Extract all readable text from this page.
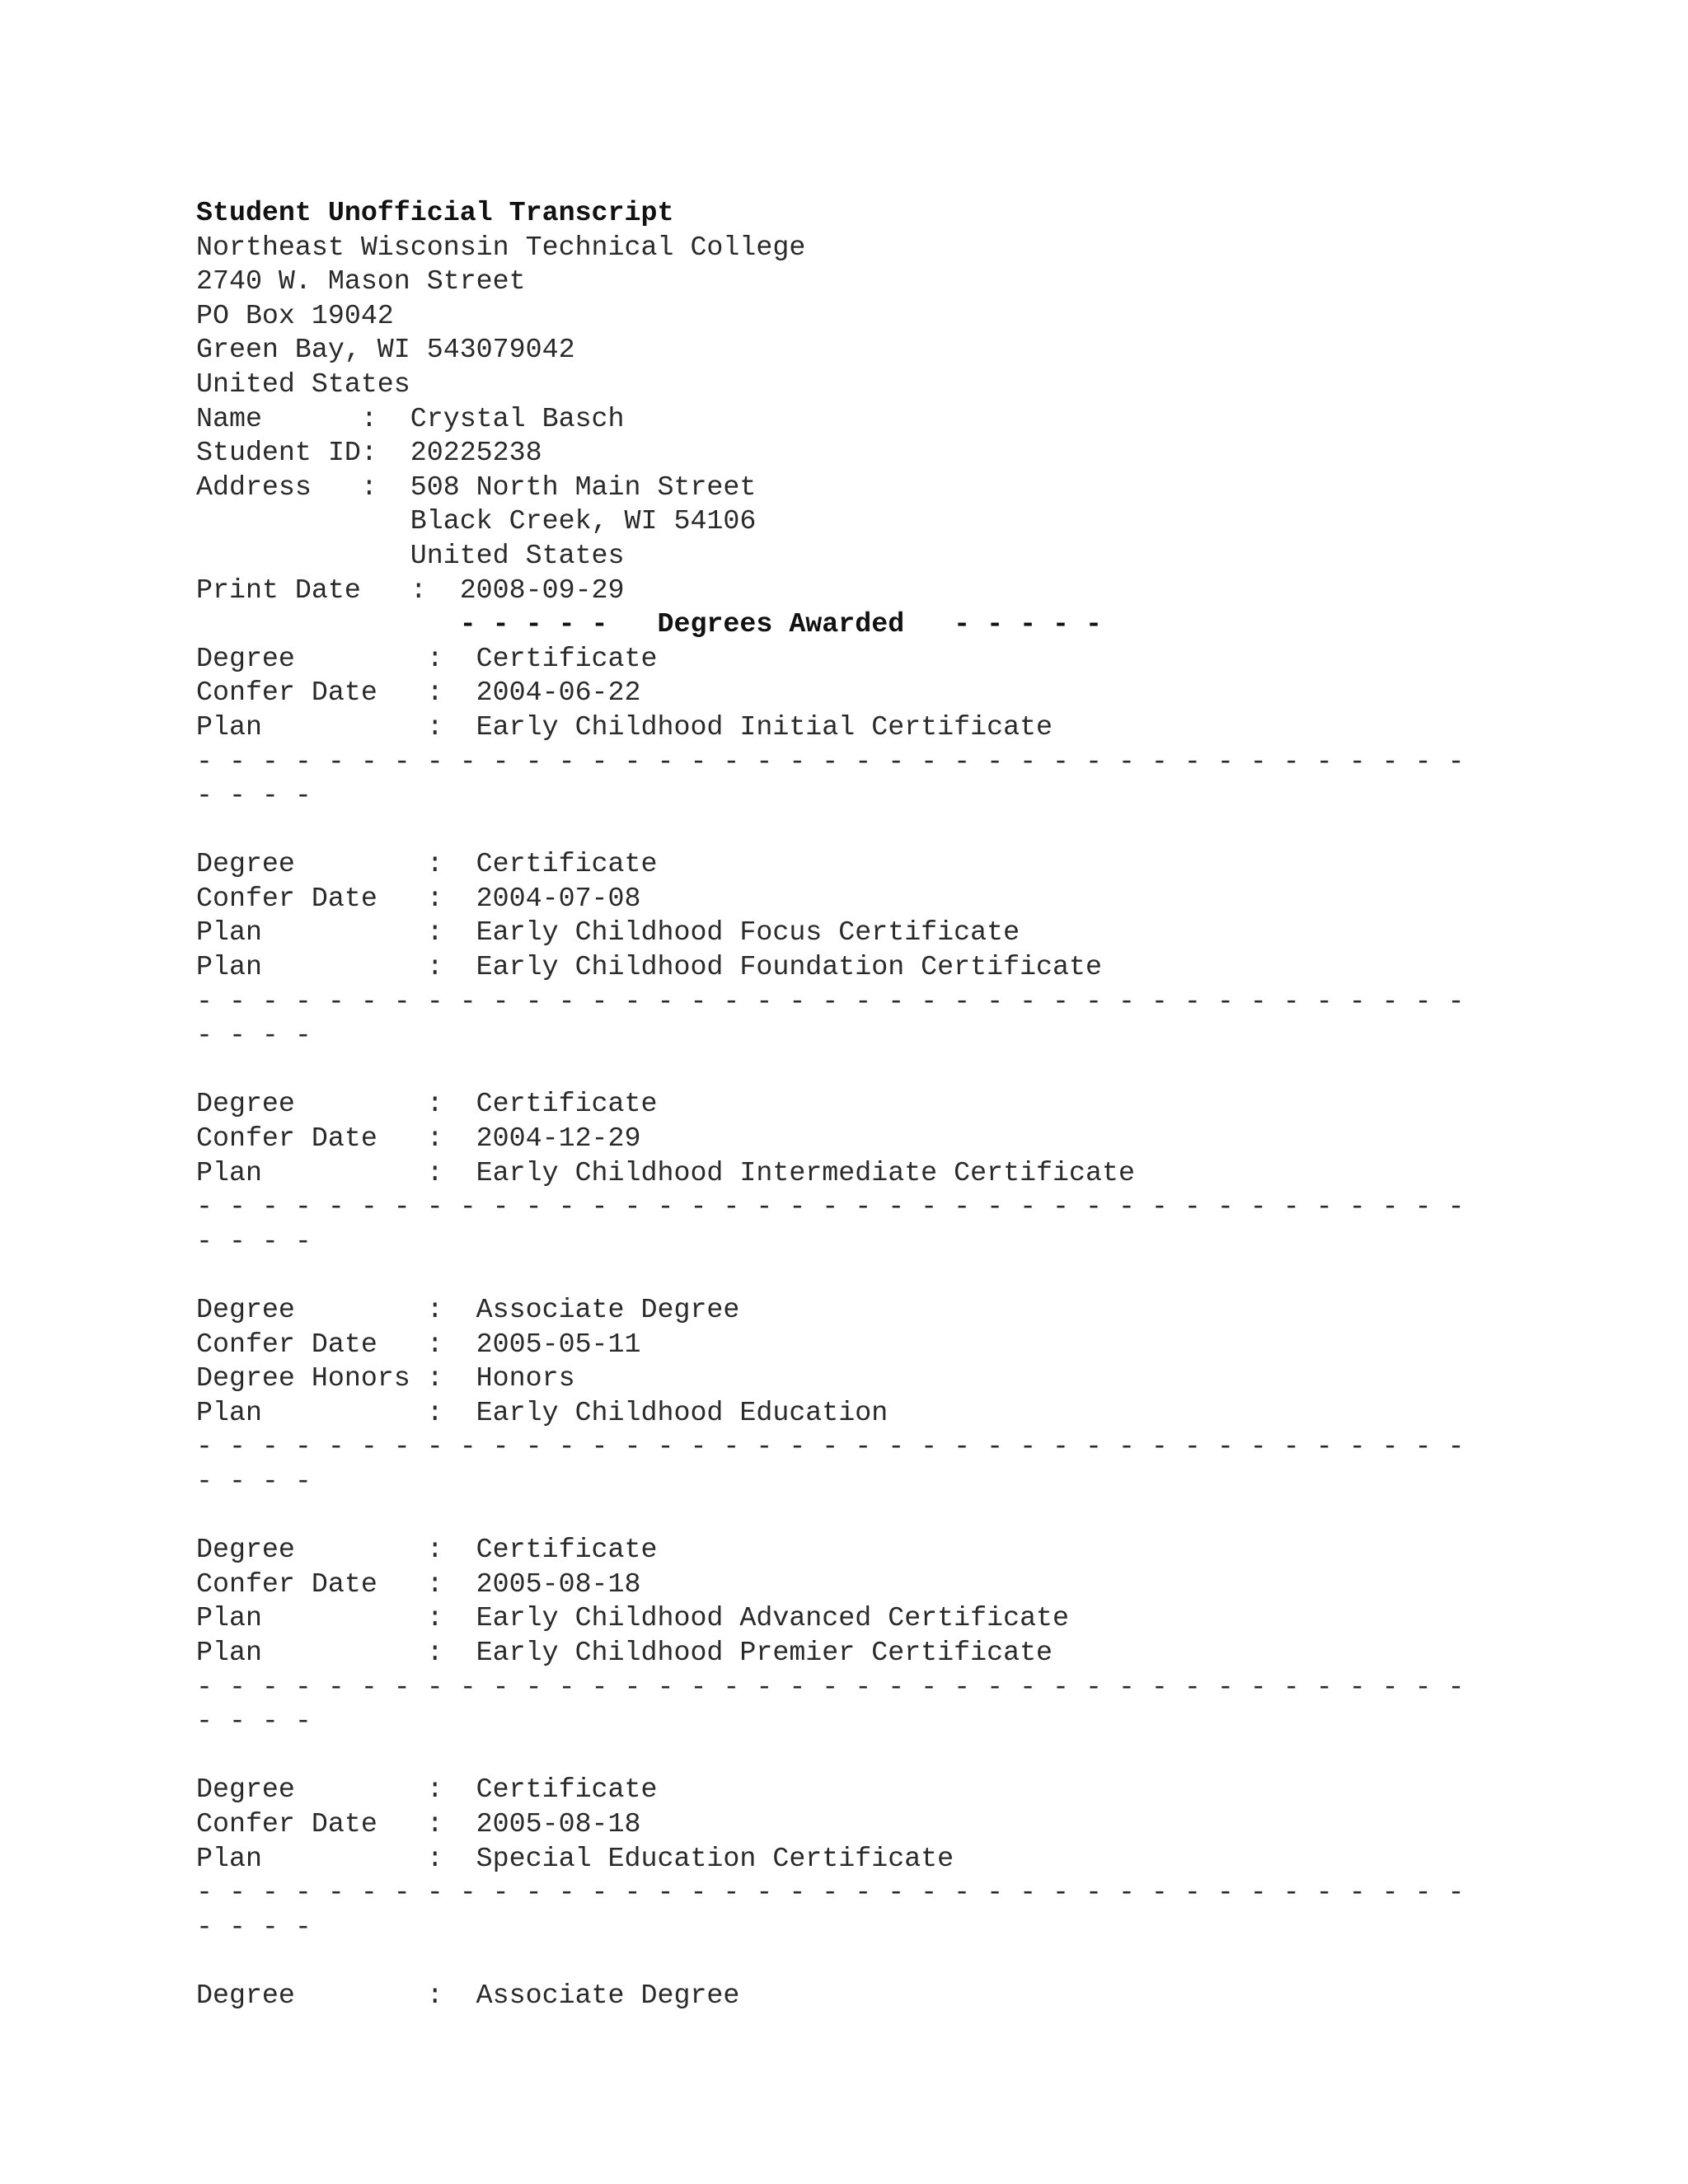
Student Unofficial Transcript
Northeast Wisconsin Technical College
2740 W. Mason Street
PO Box 19042
Green Bay, WI 543079042
United States
Name      :  Crystal Basch
Student ID:  20225238
Address   :  508 North Main Street
Black Creek, WI 54106
United States
Print Date   :  2008-09-29
- - - - -   Degrees Awarded   - - - - -
Degree        :  Certificate
Confer Date   :  2004-06-22
Plan          :  Early Childhood Initial Certificate
- - - - - - - - - - - - - - - - - - - - - - - - - - - - - - - - - - - - - - -
- - - -
Degree        :  Certificate
Confer Date   :  2004-07-08
Plan          :  Early Childhood Focus Certificate
Plan          :  Early Childhood Foundation Certificate
- - - - - - - - - - - - - - - - - - - - - - - - - - - - - - - - - - - - - - -
- - - -
Degree        :  Certificate
Confer Date   :  2004-12-29
Plan          :  Early Childhood Intermediate Certificate
- - - - - - - - - - - - - - - - - - - - - - - - - - - - - - - - - - - - - - -
- - - -
Degree        :  Associate Degree
Confer Date   :  2005-05-11
Degree Honors :  Honors
Plan          :  Early Childhood Education
- - - - - - - - - - - - - - - - - - - - - - - - - - - - - - - - - - - - - - -
- - - -
Degree        :  Certificate
Confer Date   :  2005-08-18
Plan          :  Early Childhood Advanced Certificate
Plan          :  Early Childhood Premier Certificate
- - - - - - - - - - - - - - - - - - - - - - - - - - - - - - - - - - - - - - -
- - - -
Degree        :  Certificate
Confer Date   :  2005-08-18
Plan          :  Special Education Certificate
- - - - - - - - - - - - - - - - - - - - - - - - - - - - - - - - - - - - - - -
- - - -
Degree        :  Associate Degree
